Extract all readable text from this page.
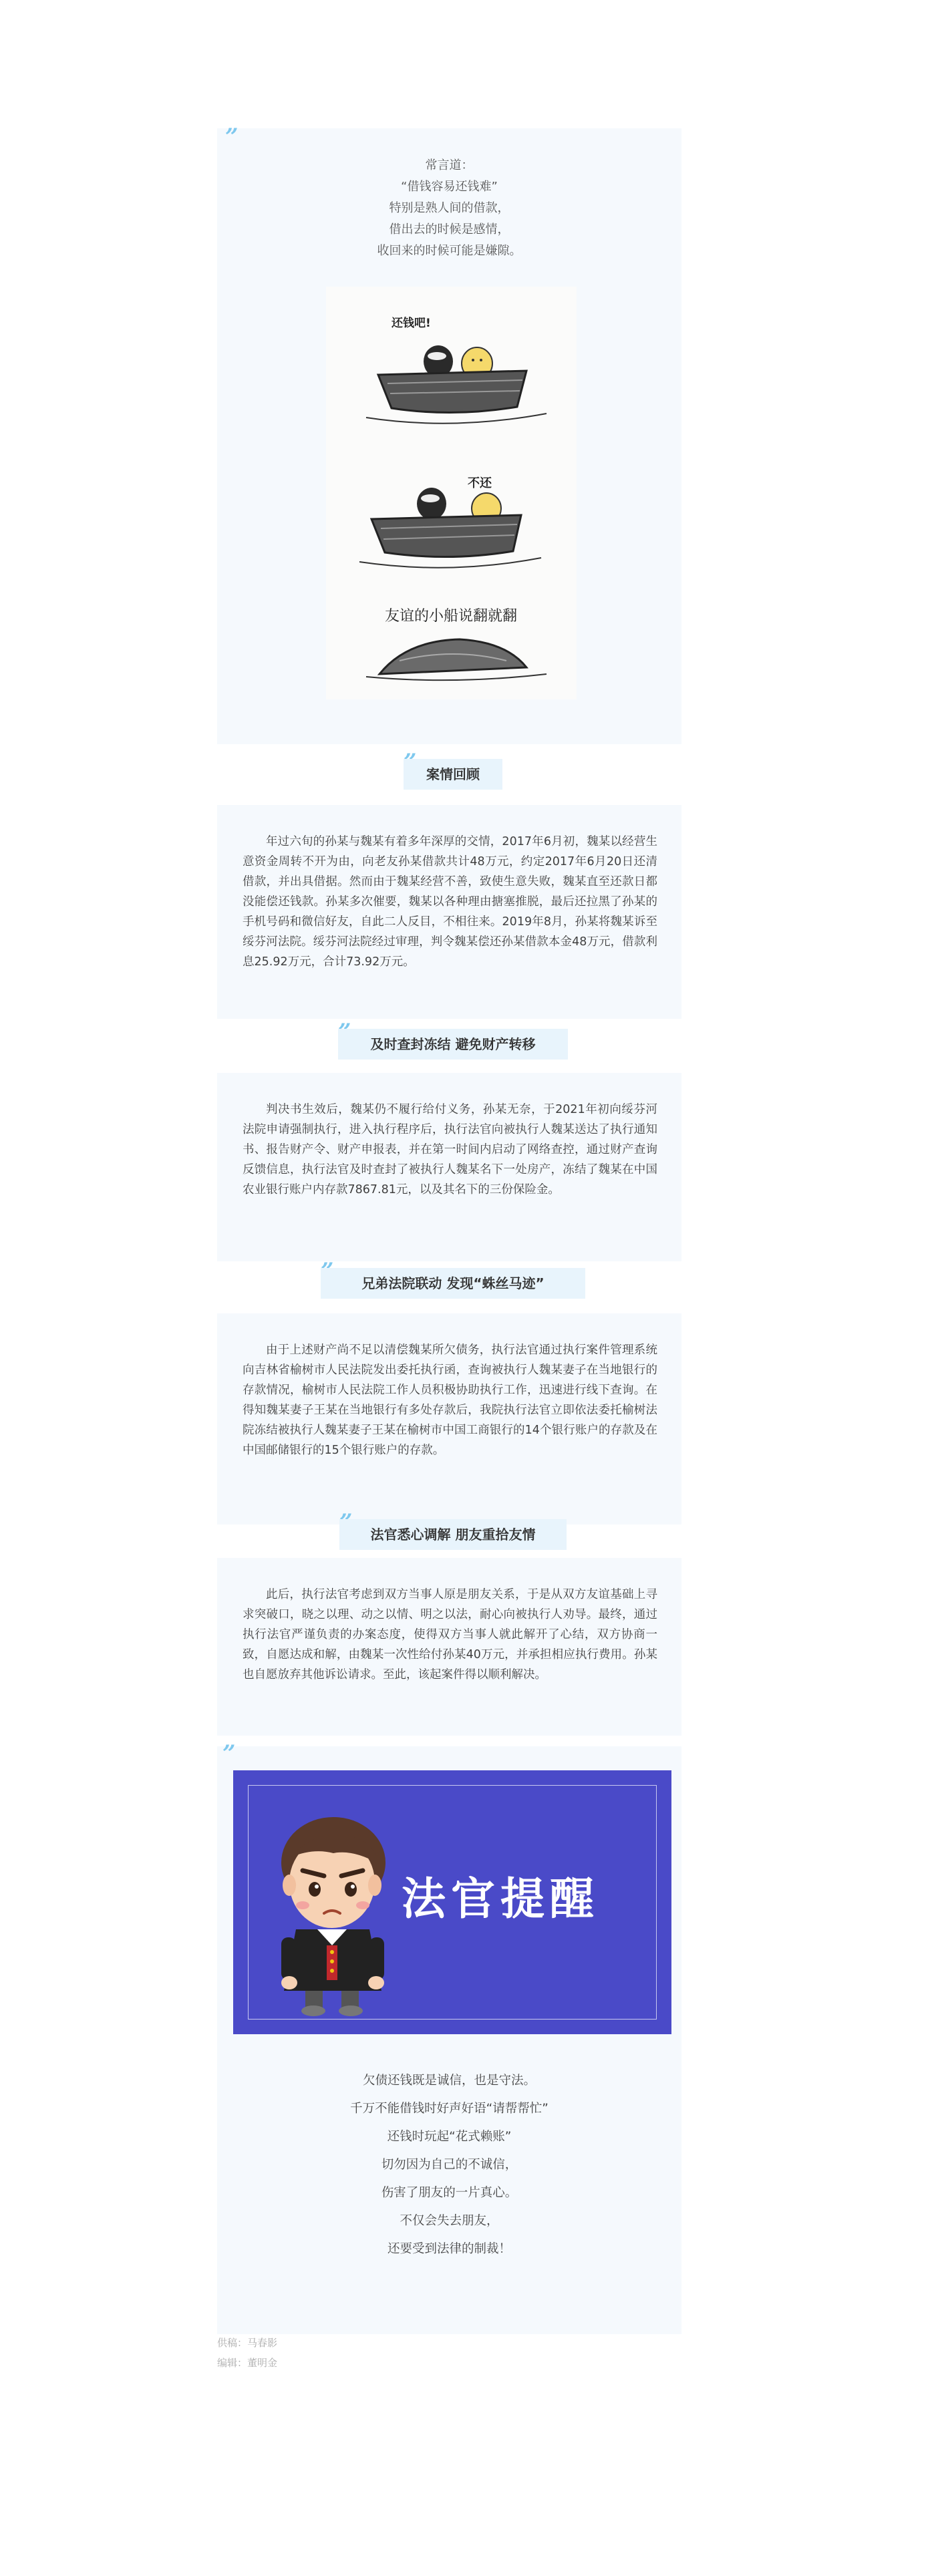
”
常言道：
“借钱容易还钱难”
特别是熟人间的借款，
借出去的时候是感情，
收回来的时候可能是嫌隙。
还钱吧!
不还
友谊的小船说翻就翻
案情回顾

年过六旬的孙某与魏某有着多年深厚的交情，2017年6月初，魏某以经营生意资金周转不开为由，向老友孙某借款共计48万元，约定2017年6月20日还清借款，并出具借据。然而由于魏某经营不善，致使生意失败，魏某直至还款日都没能偿还钱款。孙某多次催要，魏某以各种理由搪塞推脱，最后还拉黑了孙某的手机号码和微信好友，自此二人反目，不相往来。2019年8月，孙某将魏某诉至绥芬河法院。绥芬河法院经过审理，判令魏某偿还孙某借款本金48万元，借款利息25.92万元，合计73.92万元。

及时查封冻结 避免财产转移

判决书生效后，魏某仍不履行给付义务，孙某无奈，于2021年初向绥芬河法院申请强制执行，进入执行程序后，执行法官向被执行人魏某送达了执行通知书、报告财产令、财产申报表，并在第一时间内启动了网络查控，通过财产查询反馈信息，执行法官及时查封了被执行人魏某名下一处房产，冻结了魏某在中国农业银行账户内存款7867.81元，以及其名下的三份保险金。

兄弟法院联动 发现“蛛丝马迹”

由于上述财产尚不足以清偿魏某所欠债务，执行法官通过执行案件管理系统向吉林省榆树市人民法院发出委托执行函，查询被执行人魏某妻子在当地银行的存款情况，榆树市人民法院工作人员积极协助执行工作，迅速进行线下查询。在得知魏某妻子王某在当地银行有多处存款后，我院执行法官立即依法委托榆树法院冻结被执行人魏某妻子王某在榆树市中国工商银行的14个银行账户的存款及在中国邮储银行的15个银行账户的存款。

法官悉心调解 朋友重拾友情

此后，执行法官考虑到双方当事人原是朋友关系，于是从双方友谊基础上寻求突破口，晓之以理、动之以情、明之以法，耐心向被执行人劝导。最终，通过执行法官严谨负责的办案态度，使得双方当事人就此解开了心结，双方协商一致，自愿达成和解，由魏某一次性给付孙某40万元，并承担相应执行费用。孙某也自愿放弃其他诉讼请求。至此，该起案件得以顺利解决。

”
法官提醒
欠债还钱既是诚信，也是守法。
千万不能借钱时好声好语“请帮帮忙”
还钱时玩起“花式赖账”
切勿因为自己的不诚信，
伤害了朋友的一片真心。
不仅会失去朋友，
还要受到法律的制裁！
供稿：马春影
编辑：董明金
